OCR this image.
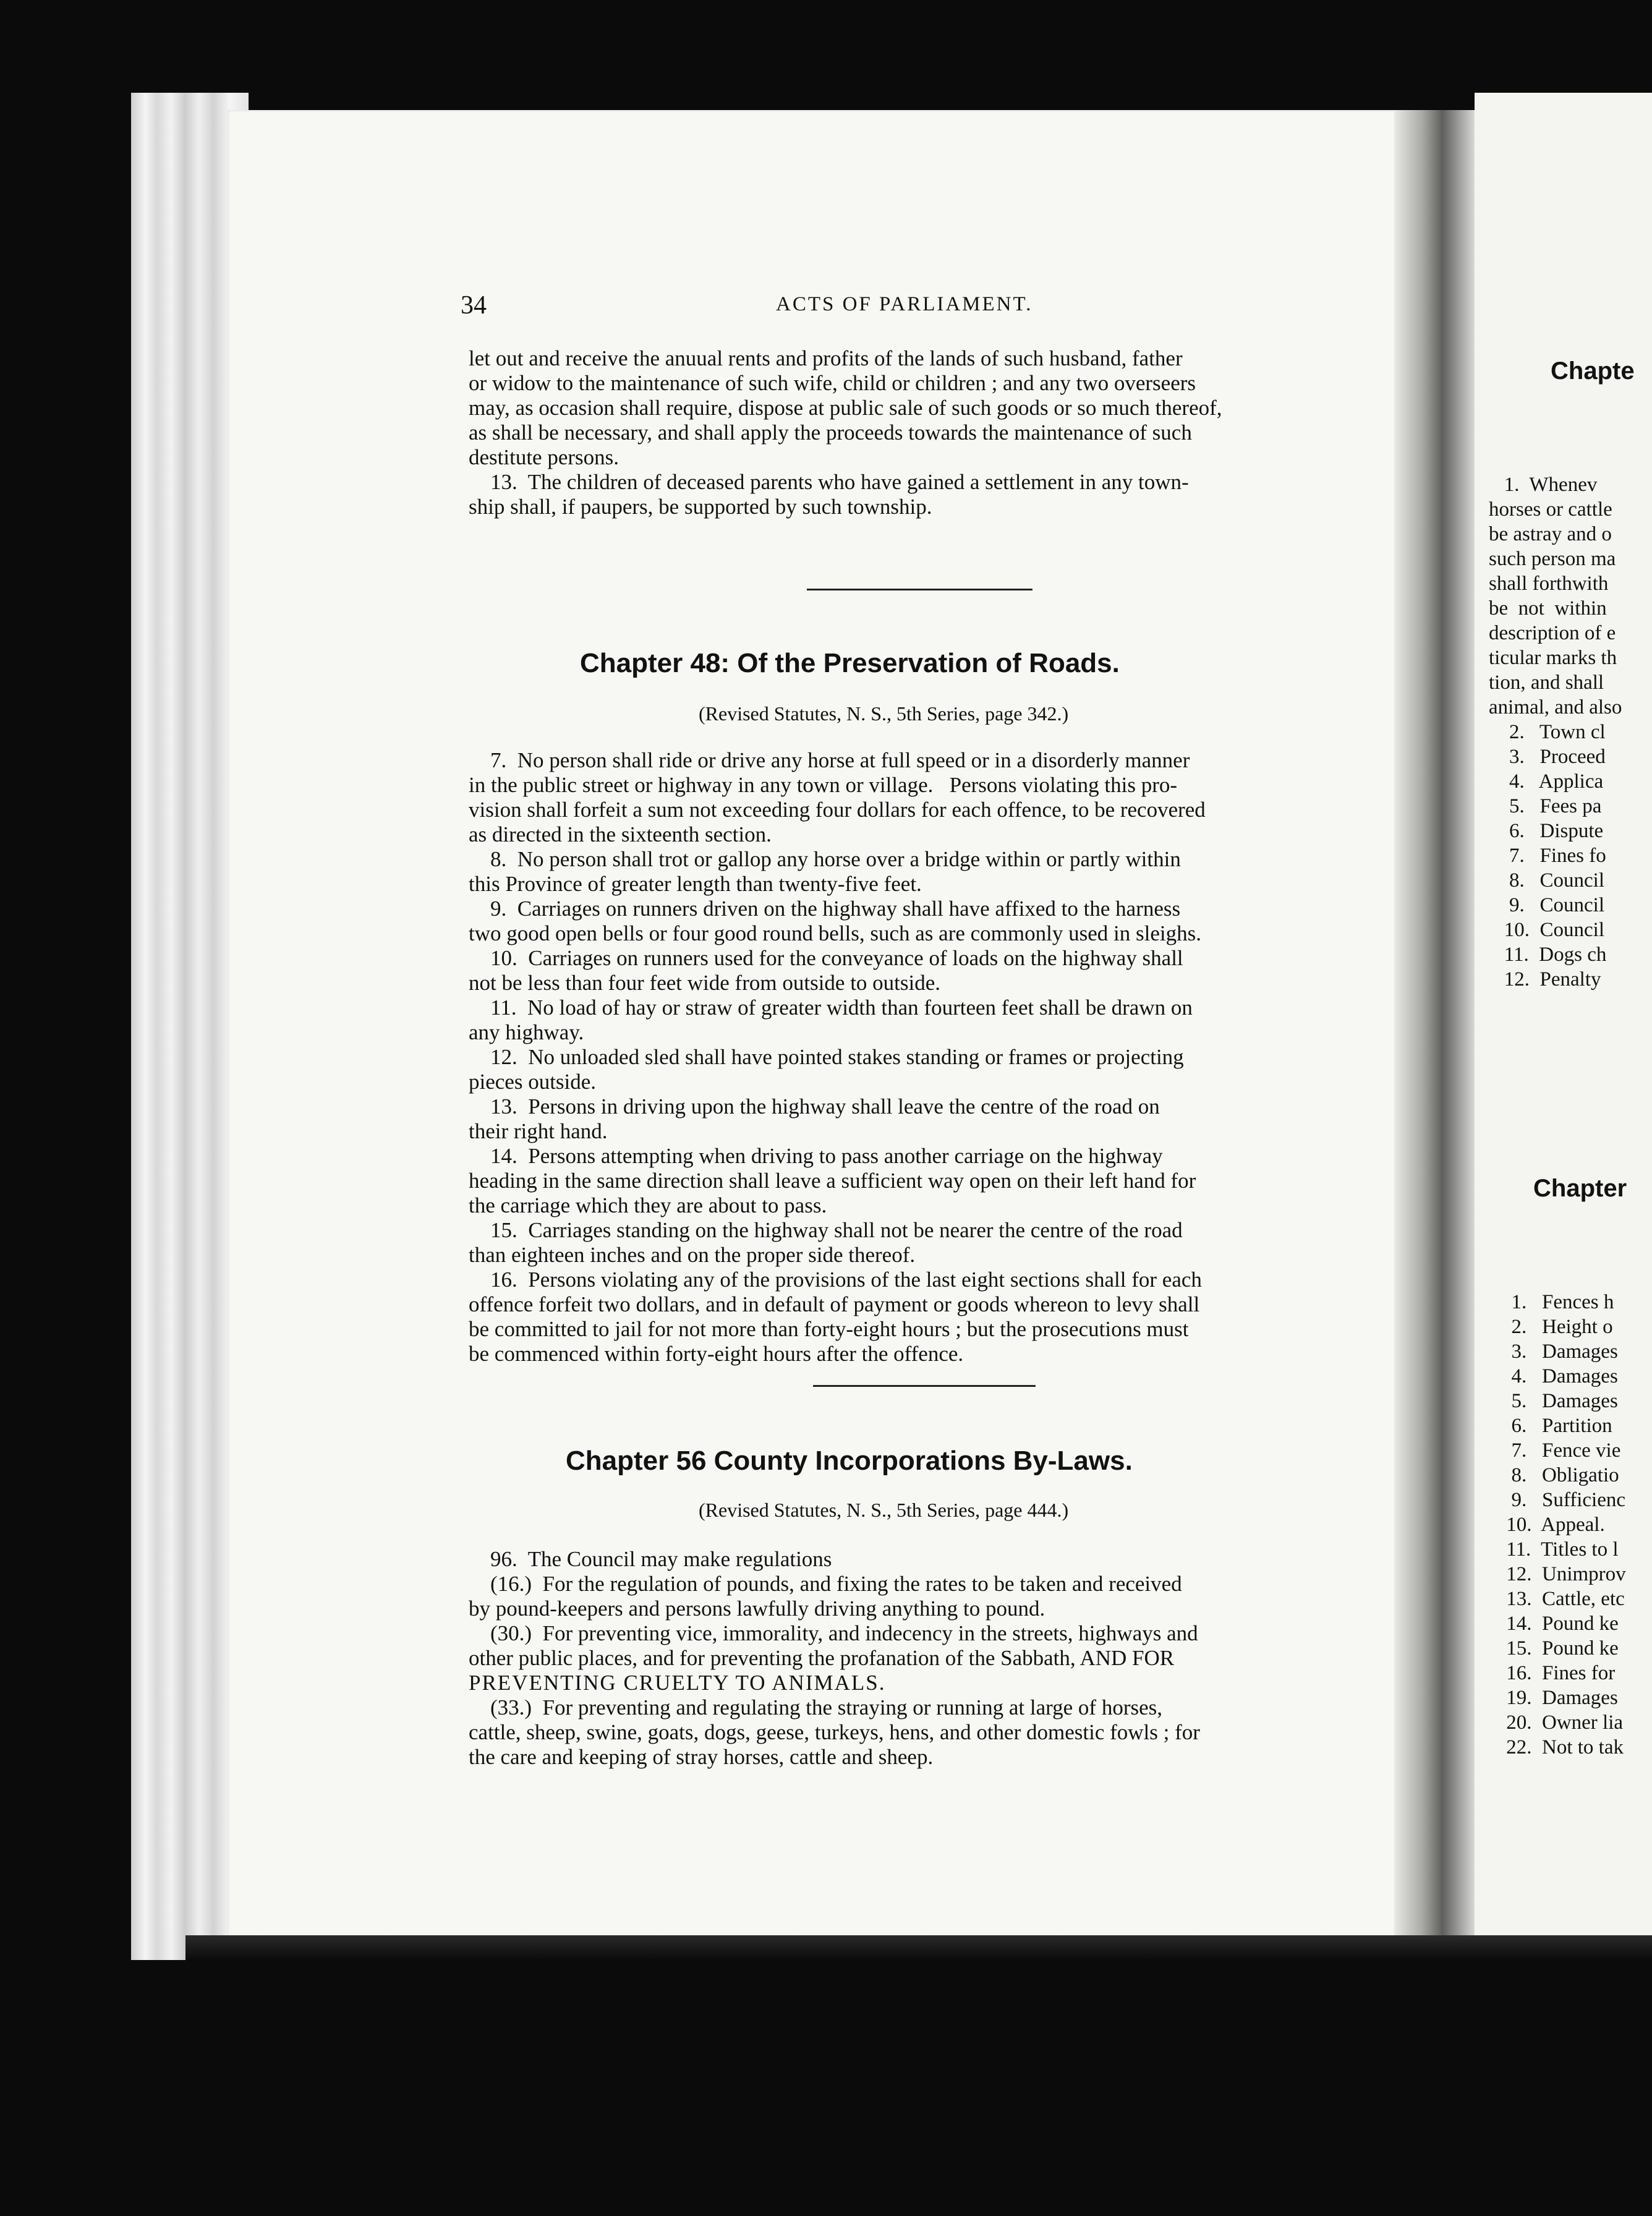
34	ACTS OF PARLIAMENT.
let out and receive the anuual rents and profits of the lands of such husband, father
or widow to the maintenance of such wife, child or children ; and any two overseers
may, as occasion shall require, dispose at public sale of such goods or so much thereof,
as shall be necessary, and shall apply the proceeds towards the maintenance of such
destitute persons.
13.  The children of deceased parents who have gained a settlement in any town-
ship shall, if paupers, be supported by such township.
Chapter 48: Of the Preservation of Roads.
(Revised Statutes, N. S., 5th Series, page 342.)
7.  No person shall ride or drive any horse at full speed or in a disorderly manner
in the public street or highway in any town or village.   Persons violating this pro-
vision shall forfeit a sum not exceeding four dollars for each offence, to be recovered
as directed in the sixteenth section.
8.  No person shall trot or gallop any horse over a bridge within or partly within
this Province of greater length than twenty-five feet.
9.  Carriages on runners driven on the highway shall have affixed to the harness
two good open bells or four good round bells, such as are commonly used in sleighs.
10.  Carriages on runners used for the conveyance of loads on the highway shall
not be less than four feet wide from outside to outside.
11.  No load of hay or straw of greater width than fourteen feet shall be drawn on
any highway.
12.  No unloaded sled shall have pointed stakes standing or frames or projecting
pieces outside.
13.  Persons in driving upon the highway shall leave the centre of the road on
their right hand.
14.  Persons attempting when driving to pass another carriage on the highway
heading in the same direction shall leave a sufficient way open on their left hand for
the carriage which they are about to pass.
15.  Carriages standing on the highway shall not be nearer the centre of the road
than eighteen inches and on the proper side thereof.
16.  Persons violating any of the provisions of the last eight sections shall for each
offence forfeit two dollars, and in default of payment or goods whereon to levy shall
be committed to jail for not more than forty-eight hours ; but the prosecutions must
be commenced within forty-eight hours after the offence.
Chapter 56 County Incorporations By-Laws.
(Revised Statutes, N. S., 5th Series, page 444.)
96.  The Council may make regulations
(16.)  For the regulation of pounds, and fixing the rates to be taken and received
by pound-keepers and persons lawfully driving anything to pound.
(30.)  For preventing vice, immorality, and indecency in the streets, highways and
other public places, and for preventing the profanation of the Sabbath, AND FOR
PREVENTING CRUELTY TO ANIMALS.
(33.)  For preventing and regulating the straying or running at large of horses,
cattle, sheep, swine, goats, dogs, geese, turkeys, hens, and other domestic fowls ; for
the care and keeping of stray horses, cattle and sheep.
Chapte
1.  Whenev
horses or cattle
be astray and o
such person ma
shall forthwith
be  not  within
description of e
ticular marks th
tion, and shall
animal, and also
2.   Town cl
3.   Proceed
4.   Applica
5.   Fees pa
6.   Dispute
7.   Fines fo
8.   Council
9.   Council
10.  Council
11.  Dogs ch
12.  Penalty
Chapter
1.   Fences h
2.   Height o
3.   Damages
4.   Damages
5.   Damages
6.   Partition
7.   Fence vie
8.   Obligatio
9.   Sufficienc
10.  Appeal.
11.  Titles to l
12.  Unimprov
13.  Cattle, etc
14.  Pound ke
15.  Pound ke
16.  Fines for
19.  Damages
20.  Owner lia
22.  Not to tak
